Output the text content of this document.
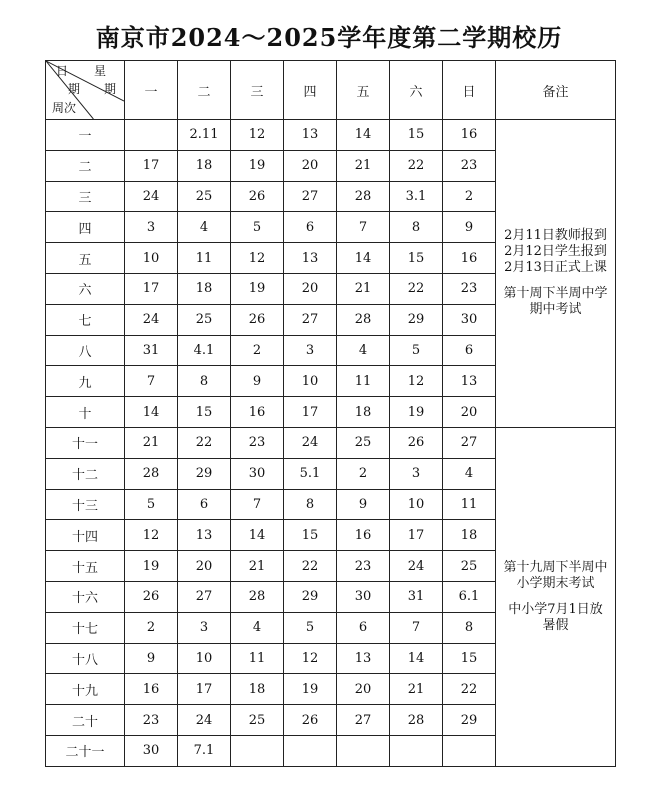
南京市2024～2025学年度第二学期校历
日 星
期 期
周次	一	二	三	四	五	六	日	备注
一		2.11	12	13	14	15	16	2月11日教师报到
2月12日学生报到
2月13日正式上课
第十周下半周中学
期中考试

二	17	18	19	20	21	22	23	
三	24	25	26	27	28	3.1	2	
四	3	4	5	6	7	8	9	
五	10	11	12	13	14	15	16	
六	17	18	19	20	21	22	23	
七	24	25	26	27	28	29	30	
八	31	4.1	2	3	4	5	6	
九	7	8	9	10	11	12	13	
十	14	15	16	17	18	19	20	
十一	21	22	23	24	25	26	27	第十九周下半周中
小学期末考试
中小学7月1日放
暑假

十二	28	29	30	5.1	2	3	4	
十三	5	6	7	8	9	10	11	
十四	12	13	14	15	16	17	18	
十五	19	20	21	22	23	24	25	
十六	26	27	28	29	30	31	6.1	
十七	2	3	4	5	6	7	8	
十八	9	10	11	12	13	14	15	
十九	16	17	18	19	20	21	22	
二十	23	24	25	26	27	28	29	
二十一	30	7.1						
